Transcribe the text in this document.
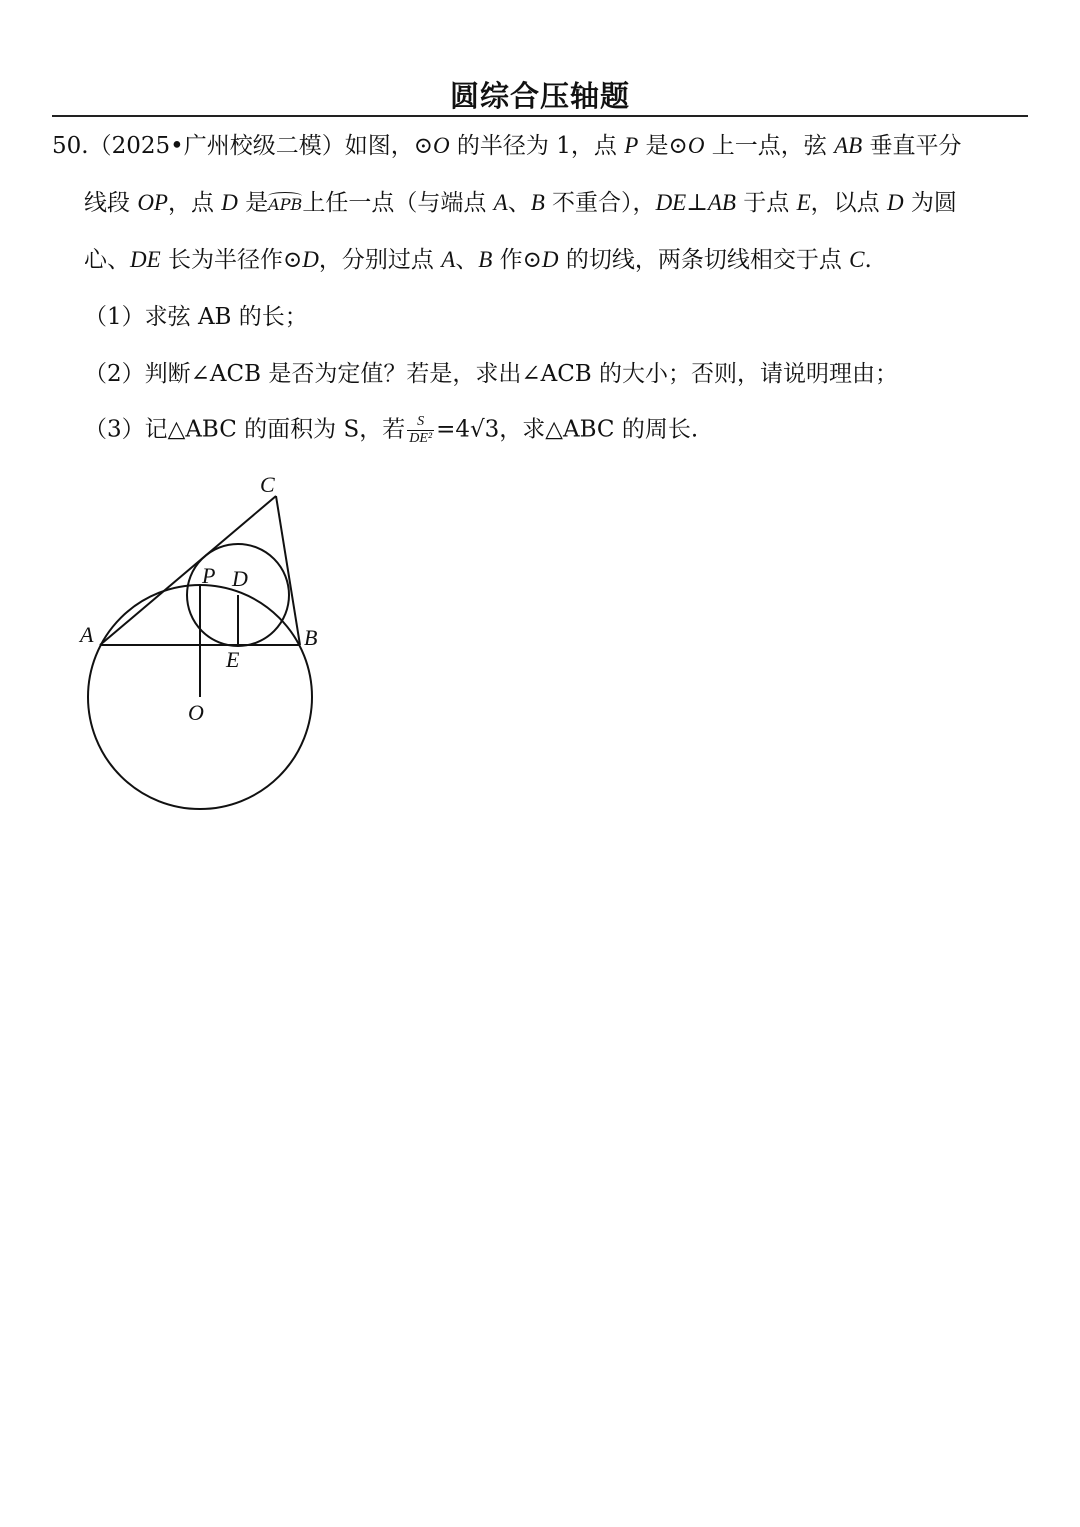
圆综合压轴题
50.（2025•广州校级二模）如图，⊙O 的半径为 1，点 P 是⊙O 上一点，弦 AB 垂直平分
线段 OP，点 D 是APB上任一点（与端点 A、B 不重合），DE⊥AB 于点 E，以点 D 为圆
心、DE 长为半径作⊙D，分别过点 A、B 作⊙D 的切线，两条切线相交于点 C.
（1）求弦 AB 的长；
（2）判断∠ACB 是否为定值？若是，求出∠ACB 的大小；否则，请说明理由；
（3）记△ABC 的面积为 S，若 $\frac{S}{\text{DE²}} =4√3$，求△ABC 的周长.
C
P D
A	B
E
O
